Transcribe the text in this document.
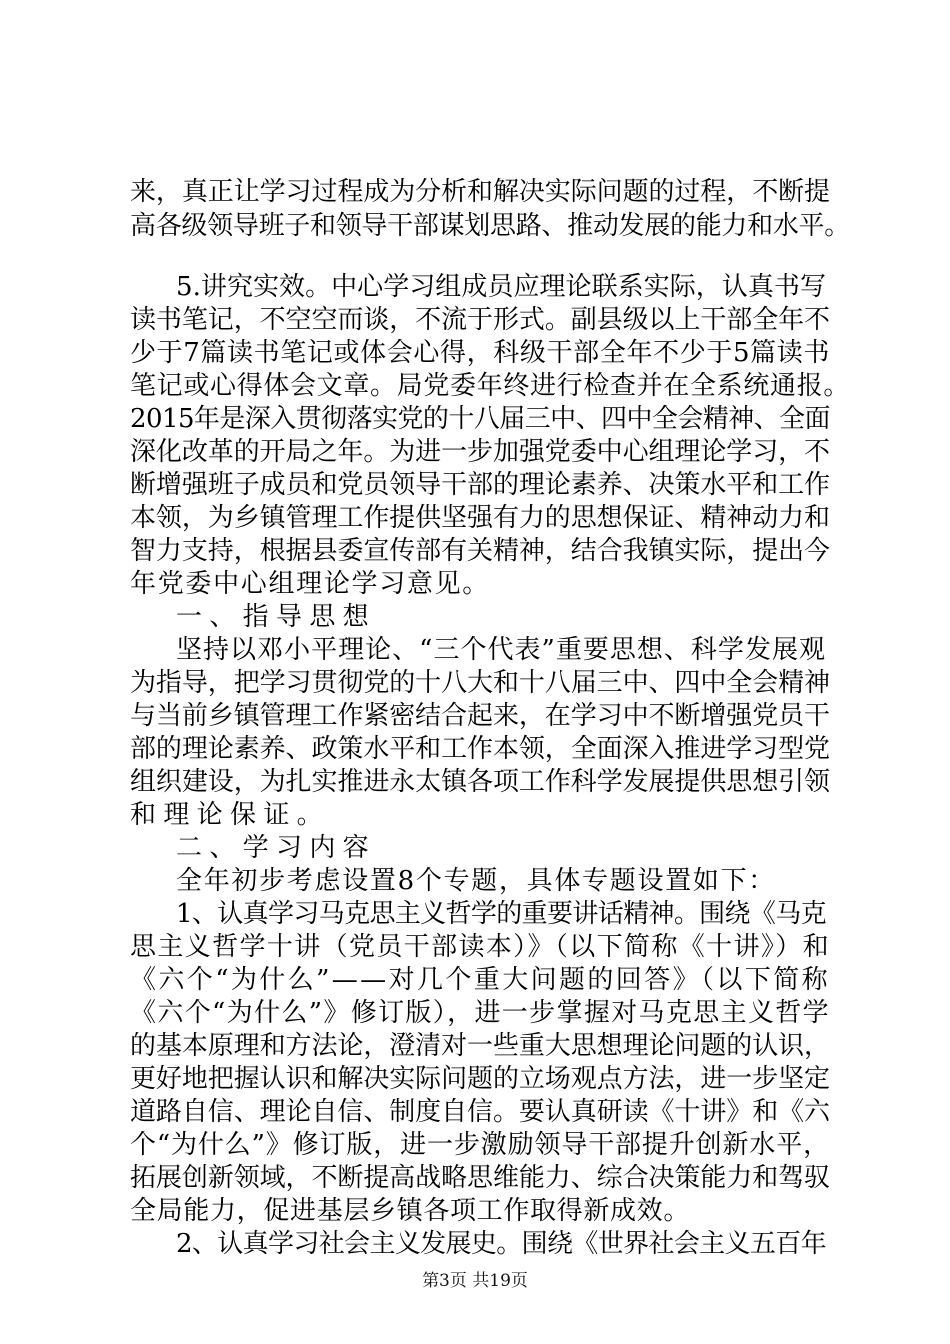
来，真正让学习过程成为分析和解决实际问题的过程，不断提
高各级领导班子和领导干部谋划思路、推动发展的能力和水平。
5.讲究实效。中心学习组成员应理论联系实际，认真书写
读书笔记，不空空而谈，不流于形式。副县级以上干部全年不
少于7篇读书笔记或体会心得，科级干部全年不少于5篇读书
笔记或心得体会文章。局党委年终进行检查并在全系统通报。
2015年是深入贯彻落实党的十八届三中、四中全会精神、全面
深化改革的开局之年。为进一步加强党委中心组理论学习，不
断增强班子成员和党员领导干部的理论素养、决策水平和工作
本领，为乡镇管理工作提供坚强有力的思想保证、精神动力和
智力支持，根据县委宣传部有关精神，结合我镇实际，提出今
年党委中心组理论学习意见。
一、指导思想
坚持以邓小平理论、“三个代表”重要思想、科学发展观
为指导，把学习贯彻党的十八大和十八届三中、四中全会精神
与当前乡镇管理工作紧密结合起来，在学习中不断增强党员干
部的理论素养、政策水平和工作本领，全面深入推进学习型党
组织建设，为扎实推进永太镇各项工作科学发展提供思想引领
和理论保证。
二、学习内容
全年初步考虑设置8个专题，具体专题设置如下：
1、认真学习马克思主义哲学的重要讲话精神。围绕《马克
思主义哲学十讲（党员干部读本）》（以下简称《十讲》）和
《六个“为什么”——对几个重大问题的回答》（以下简称
《六个“为什么”》修订版），进一步掌握对马克思主义哲学
的基本原理和方法论，澄清对一些重大思想理论问题的认识，
更好地把握认识和解决实际问题的立场观点方法，进一步坚定
道路自信、理论自信、制度自信。要认真研读《十讲》和《六
个“为什么”》修订版，进一步激励领导干部提升创新水平，
拓展创新领域，不断提高战略思维能力、综合决策能力和驾驭
全局能力，促进基层乡镇各项工作取得新成效。
2、认真学习社会主义发展史。围绕《世界社会主义五百年
第3页 共19页
